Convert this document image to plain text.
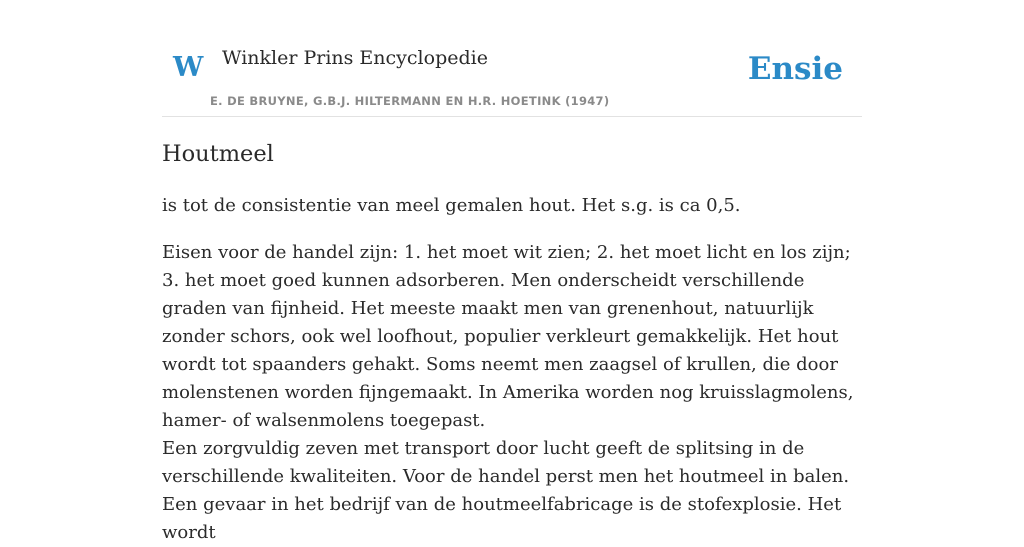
W Winkler Prins Encyclopedie
E. DE BRUYNE, G.B.J. HILTERMANN EN H.R. HOETINK (1947)
Ensie
Houtmeel

is tot de consistentie van meel gemalen hout. Het s.g. is ca 0,5.

Eisen voor de handel zijn: 1. het moet wit zien; 2. het moet licht en los zijn; 3. het moet goed kunnen adsorberen. Men onderscheidt verschillende graden van fijnheid. Het meeste maakt men van grenenhout, natuurlijk zonder schors, ook wel loofhout, populier verkleurt gemakkelijk. Het hout wordt tot spaanders gehakt. Soms neemt men zaagsel of krullen, die door molenstenen worden fijngemaakt. In Amerika worden nog kruisslagmolens, hamer- of walsenmolens toegepast.

Een zorgvuldig zeven met transport door lucht geeft de splitsing in de verschillende kwaliteiten. Voor de handel perst men het houtmeel in balen. Een gevaar in het bedrijf van de houtmeelfabricage is de stofexplosie. Het wordt
